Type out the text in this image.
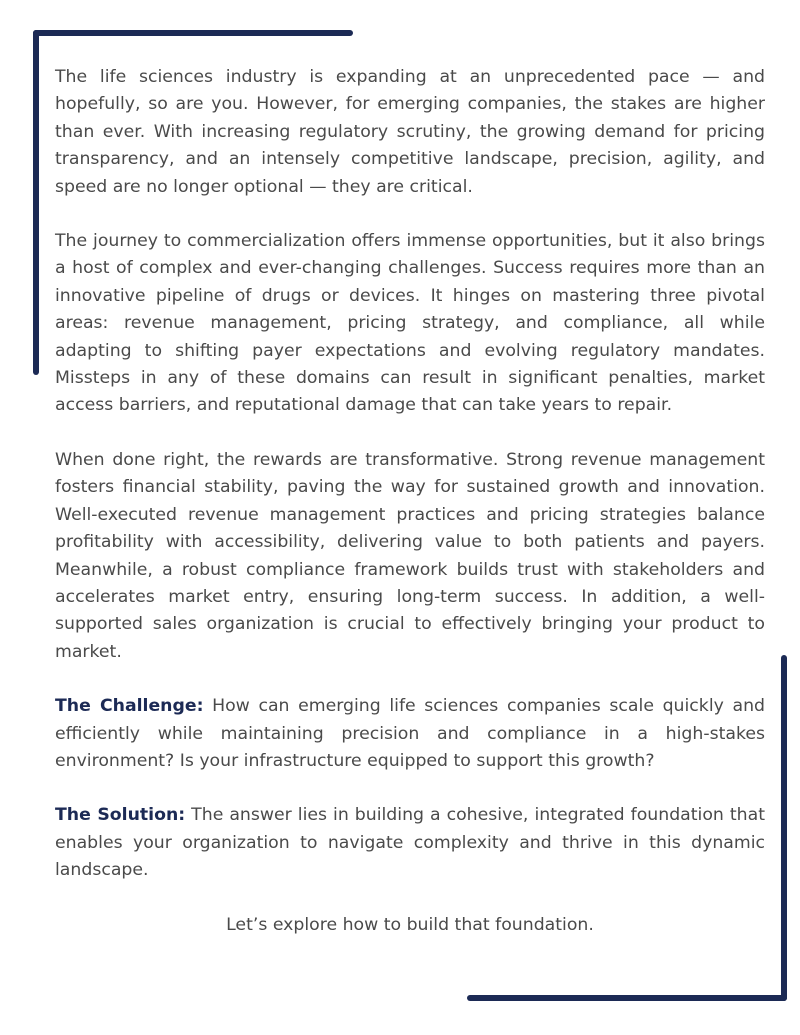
The life sciences industry is expanding at an unprecedented pace — and hopefully, so are you. However, for emerging companies, the stakes are higher than ever. With increasing regulatory scrutiny, the growing demand for pricing transparency, and an intensely competitive landscape, precision, agility, and speed are no longer optional — they are critical.

The journey to commercialization offers immense opportunities, but it also brings a host of complex and ever-changing challenges. Success requires more than an innovative pipeline of drugs or devices. It hinges on mastering three pivotal areas: revenue management, pricing strategy, and compliance, all while adapting to shifting payer expectations and evolving regulatory mandates. Missteps in any of these domains can result in significant penalties, market access barriers, and reputational damage that can take years to repair.

When done right, the rewards are transformative. Strong revenue management fosters financial stability, paving the way for sustained growth and innovation. Well-executed revenue management practices and pricing strategies balance profitability with accessibility, delivering value to both patients and payers. Meanwhile, a robust compliance framework builds trust with stakeholders and accelerates market entry, ensuring long-term success. In addition, a well-supported sales organization is crucial to effectively bringing your product to market.

The Challenge: How can emerging life sciences companies scale quickly and efficiently while maintaining precision and compliance in a high-stakes environment? Is your infrastructure equipped to support this growth?

The Solution: The answer lies in building a cohesive, integrated foundation that enables your organization to navigate complexity and thrive in this dynamic landscape.

Let’s explore how to build that foundation.
